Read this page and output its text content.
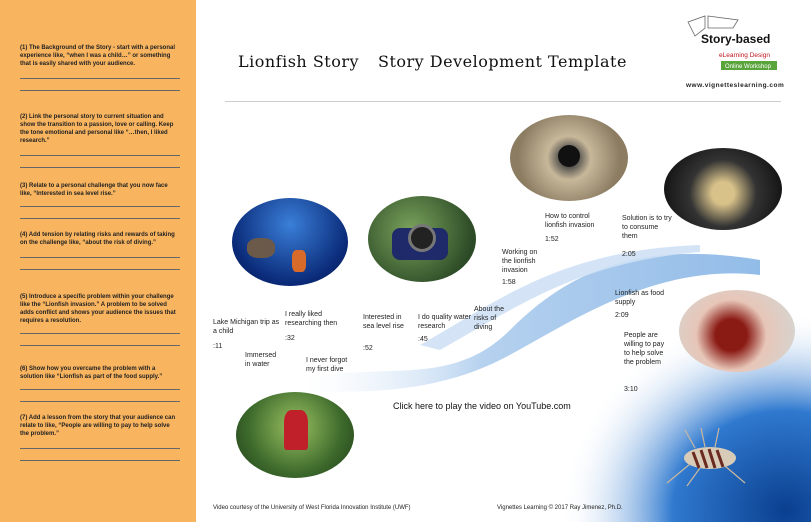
(1) The Background of the Story - start with a personal experience like, “when I was a child…” or something that is easily shared with your audience.
(2) Link the personal story to current situation and show the transition to a passion, love or calling. Keep the tone emotional and personal like “…then, I liked research.”
(3) Relate to a personal challenge that you now face like, “Interested in sea level rise.”
(4) Add tension by relating risks and rewards of taking on the challenge like, “about the risk of diving.”
(5) Introduce a specific problem within your challenge like the “Lionfish invasion.” A problem to be solved adds conflict and shows your audience the issues that requires a resolution.
(6) Show how you overcame the problem with a solution like “Lionfish as part of the food supply.”
(7) Add a lesson from the story that your audience can relate to like, “People are willing to pay to help solve the problem.”
Lionfish Story Story Development Template
Story-based
eLearning Design
Online Workshop
www.vignetteslearning.com
Lake Michigan trip as a child
:11
Immersed in water
I really liked researching then
:32
I never forgot my first dive
Interested in sea level rise
:52
I do quality water research
:45
About the risks of diving
Working on the lionfish invasion
1:58
How to control lionfish invasion
1:52
Solution is to try to consume them
2:05
Lionfish as food supply
2:09
People are willing to pay to help solve the problem
3:10
Click here to play the video on YouTube.com
Video courtesy of the University of West Florida Innovation Institute (UWF)	Vignettes Learning © 2017 Ray Jimenez, Ph.D.
